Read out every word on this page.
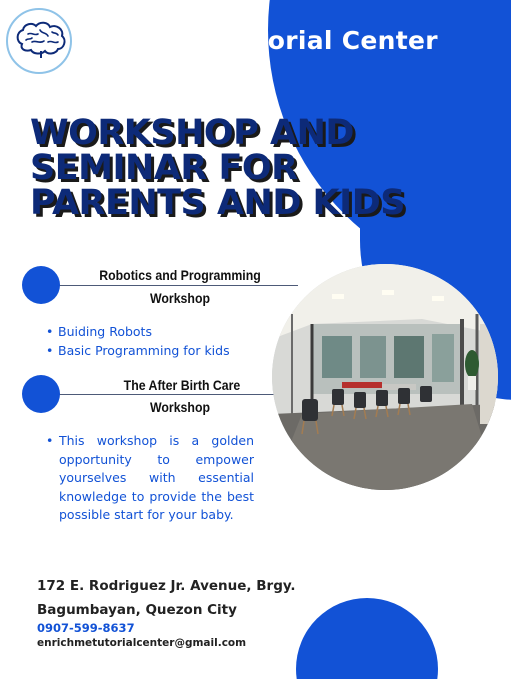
Enrichme Tutorial Center
WORKSHOP AND
SEMINAR FOR
PARENTS AND KIDS
Robotics and Programming
Workshop
• Buiding Robots
• Basic Programming for kids
The After Birth Care
Workshop
• This workshop is a golden opportunity to empower yourselves with essential knowledge to provide the best possible start for your baby.

172 E. Rodriguez Jr. Avenue, Brgy.
Bagumbayan, Quezon City
0907-599-8637
enrichmetutorialcenter@gmail.com
